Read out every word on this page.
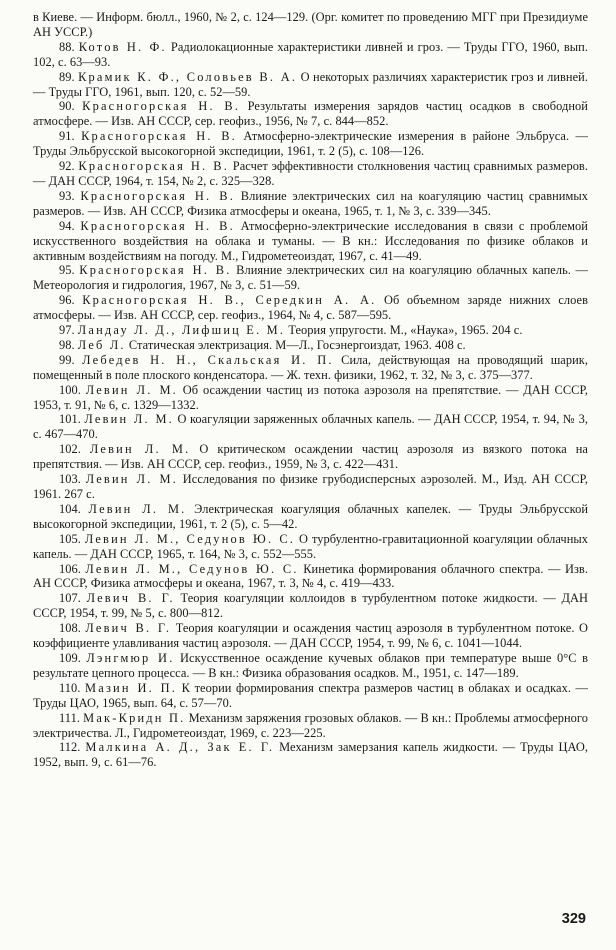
в Киеве. — Информ. бюлл., 1960, № 2, с. 124—129. (Орг. комитет по проведению МГГ при Президиуме АН УССР.)

88. Котов Н. Ф. Радиолокационные характеристики ливней и гроз. — Труды ГГО, 1960, вып. 102, с. 63—93.

89. Крамик К. Ф., Соловьев В. А. О некоторых различиях характеристик гроз и ливней. — Труды ГГО, 1961, вып. 120, с. 52—59.

90. Красногорская Н. В. Результаты измерения зарядов частиц осадков в свободной атмосфере. — Изв. АН СССР, сер. геофиз., 1956, № 7, с. 844—852.

91. Красногорская Н. В. Атмосферно-электрические измерения в районе Эльбруса. — Труды Эльбрусской высокогорной экспедиции, 1961, т. 2 (5), с. 108—126.

92. Красногорская Н. В. Расчет эффективности столкновения частиц сравнимых размеров. — ДАН СССР, 1964, т. 154, № 2, с. 325—328.

93. Красногорская Н. В. Влияние электрических сил на коагуляцию частиц сравнимых размеров. — Изв. АН СССР, Физика атмосферы и океана, 1965, т. 1, № 3, с. 339—345.

94. Красногорская Н. В. Атмосферно-электрические исследования в связи с проблемой искусственного воздействия на облака и туманы. — В кн.: Исследования по физике облаков и активным воздействиям на погоду. М., Гидрометеоиздат, 1967, с. 41—49.

95. Красногорская Н. В. Влияние электрических сил на коагуляцию облачных капель. — Метеорология и гидрология, 1967, № 3, с. 51—59.

96. Красногорская Н. В., Середкин А. А. Об объемном заряде нижних слоев атмосферы. — Изв. АН СССР, сер. геофиз., 1964, № 4, с. 587—595.

97. Ландау Л. Д., Лифшиц Е. М. Теория упругости. М., «Наука», 1965. 204 с.

98. Леб Л. Статическая электризация. М—Л., Госэнергоиздат, 1963. 408 с.

99. Лебедев Н. Н., Скальская И. П. Сила, действующая на проводящий шарик, помещенный в поле плоского конденсатора. — Ж. техн. физики, 1962, т. 32, № 3, с. 375—377.

100. Левин Л. М. Об осаждении частиц из потока аэрозоля на препятствие. — ДАН СССР, 1953, т. 91, № 6, с. 1329—1332.

101. Левин Л. М. О коагуляции заряженных облачных капель. — ДАН СССР, 1954, т. 94, № 3, с. 467—470.

102. Левин Л. М. О критическом осаждении частиц аэрозоля из вязкого потока на препятствия. — Изв. АН СССР, сер. геофиз., 1959, № 3, с. 422—431.

103. Левин Л. М. Исследования по физике грубодисперсных аэрозолей. М., Изд. АН СССР, 1961. 267 с.

104. Левин Л. М. Электрическая коагуляция облачных капелек. — Труды Эльбрусской высокогорной экспедиции, 1961, т. 2 (5), с. 5—42.

105. Левин Л. М., Седунов Ю. С. О турбулентно-гравитационной коагуляции облачных капель. — ДАН СССР, 1965, т. 164, № 3, с. 552—555.

106. Левин Л. М., Седунов Ю. С. Кинетика формирования облачного спектра. — Изв. АН СССР, Физика атмосферы и океана, 1967, т. 3, № 4, с. 419—433.

107. Левич В. Г. Теория коагуляции коллоидов в турбулентном потоке жидкости. — ДАН СССР, 1954, т. 99, № 5, с. 800—812.

108. Левич В. Г. Теория коагуляции и осаждения частиц аэрозоля в турбулентном потоке. О коэффициенте улавливания частиц аэрозоля. — ДАН СССР, 1954, т. 99, № 6, с. 1041—1044.

109. Лэнгмюр И. Искусственное осаждение кучевых облаков при температуре выше 0°С в результате цепного процесса. — В кн.: Физика образования осадков. М., 1951, с. 147—189.

110. Мазин И. П. К теории формирования спектра размеров частиц в облаках и осадках. — Труды ЦАО, 1965, вып. 64, с. 57—70.

111. Мак-Кридн П. Механизм заряжения грозовых облаков. — В кн.: Проблемы атмосферного электричества. Л., Гидрометеоиздат, 1969, с. 223—225.

112. Малкина А. Д., Зак Е. Г. Механизм замерзания капель жидкости. — Труды ЦАО, 1952, вып. 9, с. 61—76.

329
